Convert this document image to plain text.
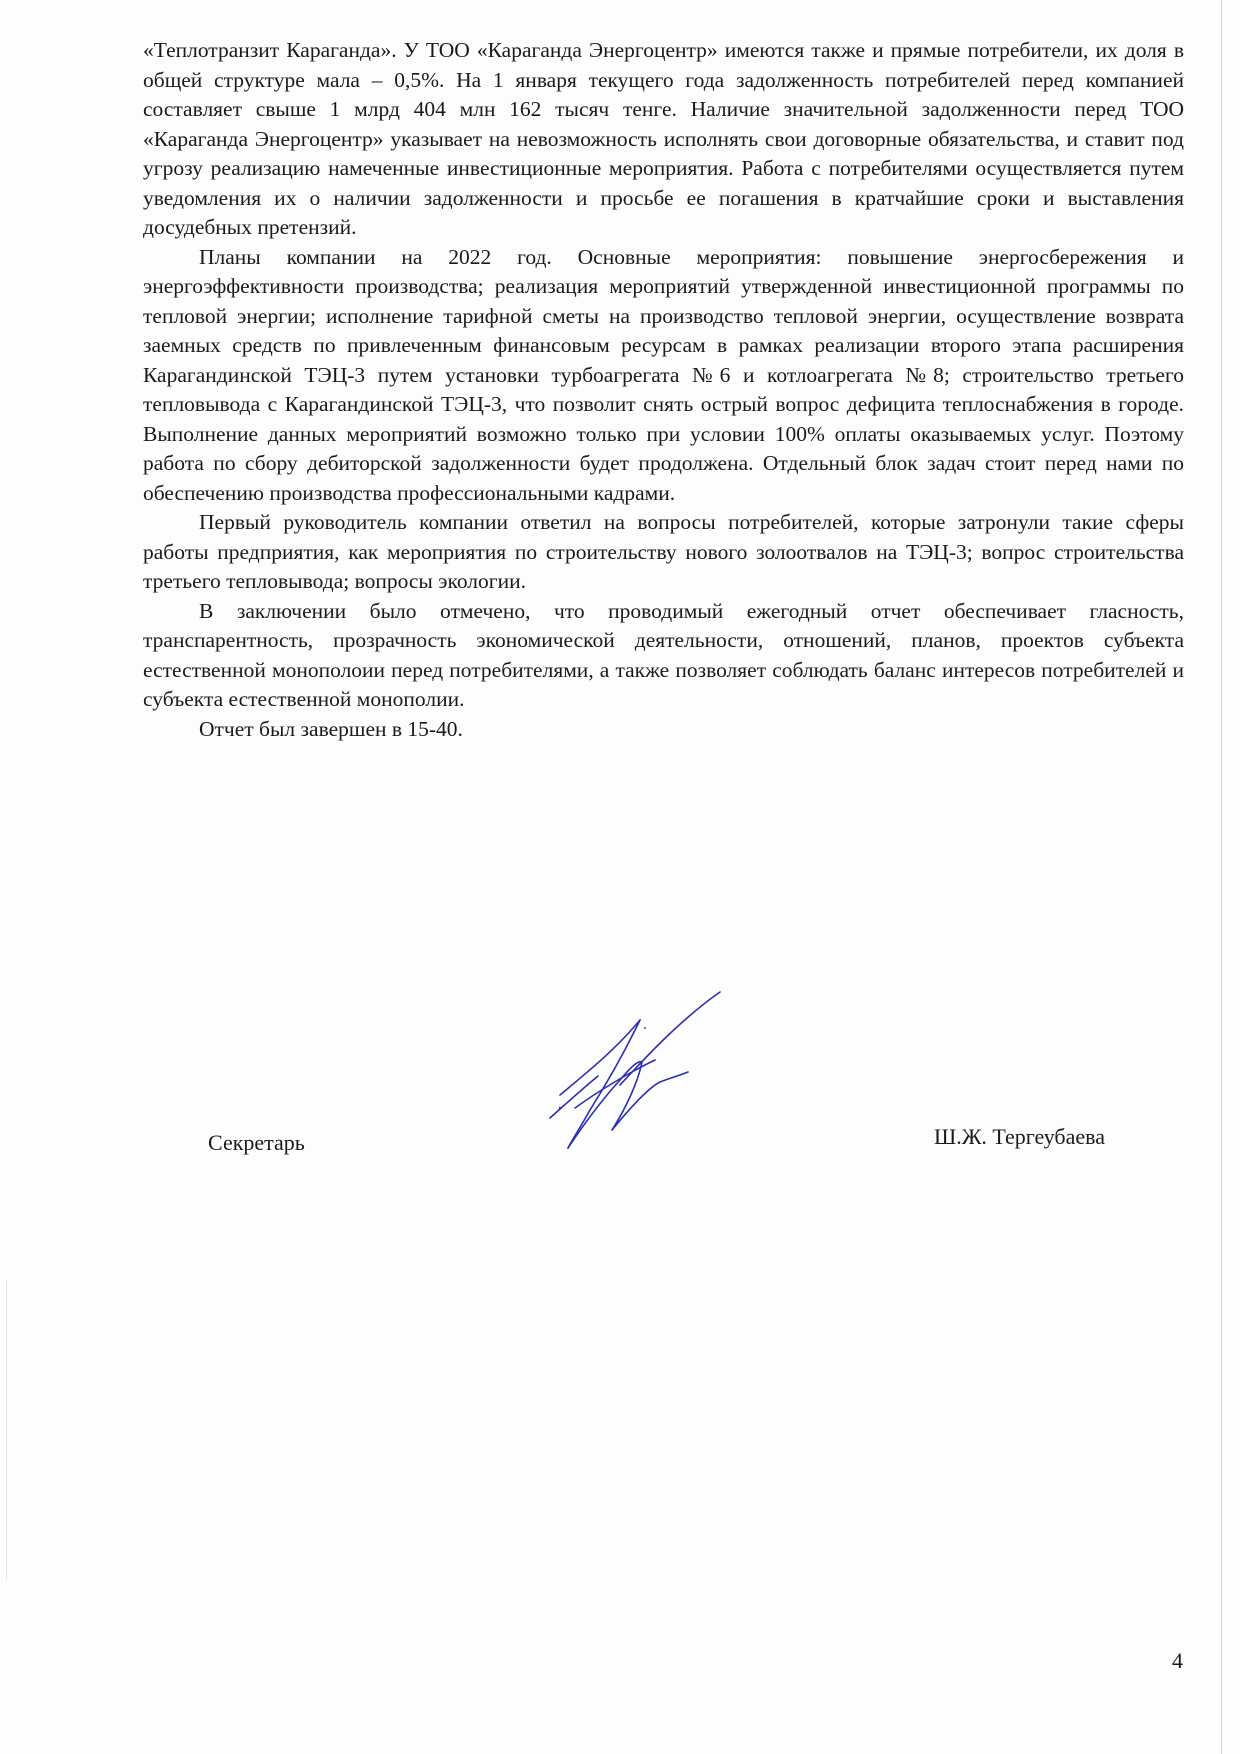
«Теплотранзит Караганда». У ТОО «Караганда Энергоцентр» имеются также и прямые потребители, их доля в общей структуре мала – 0,5%. На 1 января текущего года задолженность потребителей перед компанией составляет свыше 1 млрд 404 млн 162 тысяч тенге. Наличие значительной задолженности перед ТОО «Караганда Энергоцентр» указывает на невозможность исполнять свои договорные обязательства, и ставит под угрозу реализацию намеченные инвестиционные мероприятия. Работа с потребителями осуществляется путем уведомления их о наличии задолженности и просьбе ее погашения в кратчайшие сроки и выставления досудебных претензий.

Планы компании на 2022 год. Основные мероприятия: повышение энергосбережения и энергоэффективности производства; реализация мероприятий утвержденной инвестиционной программы по тепловой энергии; исполнение тарифной сметы на производство тепловой энергии, осуществление возврата заемных средств по привлеченным финансовым ресурсам в рамках реализации второго этапа расширения Карагандинской ТЭЦ-3 путем установки турбоагрегата №6 и котлоагрегата №8; строительство третьего тепловывода с Карагандинской ТЭЦ-3, что позволит снять острый вопрос дефицита теплоснабжения в городе. Выполнение данных мероприятий возможно только при условии 100% оплаты оказываемых услуг. Поэтому работа по сбору дебиторской задолженности будет продолжена. Отдельный блок задач стоит перед нами по обеспечению производства профессиональными кадрами.

Первый руководитель компании ответил на вопросы потребителей, которые затронули такие сферы работы предприятия, как мероприятия по строительству нового золоотвалов на ТЭЦ-3; вопрос строительства третьего тепловывода; вопросы экологии.

В заключении было отмечено, что проводимый ежегодный отчет обеспечивает гласность, транспарентность, прозрачность экономической деятельности, отношений, планов, проектов субъекта естественной монополоии перед потребителями, а также позволяет соблюдать баланс интересов потребителей и субъекта естественной монополии.

Отчет был завершен в 15-40.

Секретарь	Ш.Ж. Тергеубаева
4
